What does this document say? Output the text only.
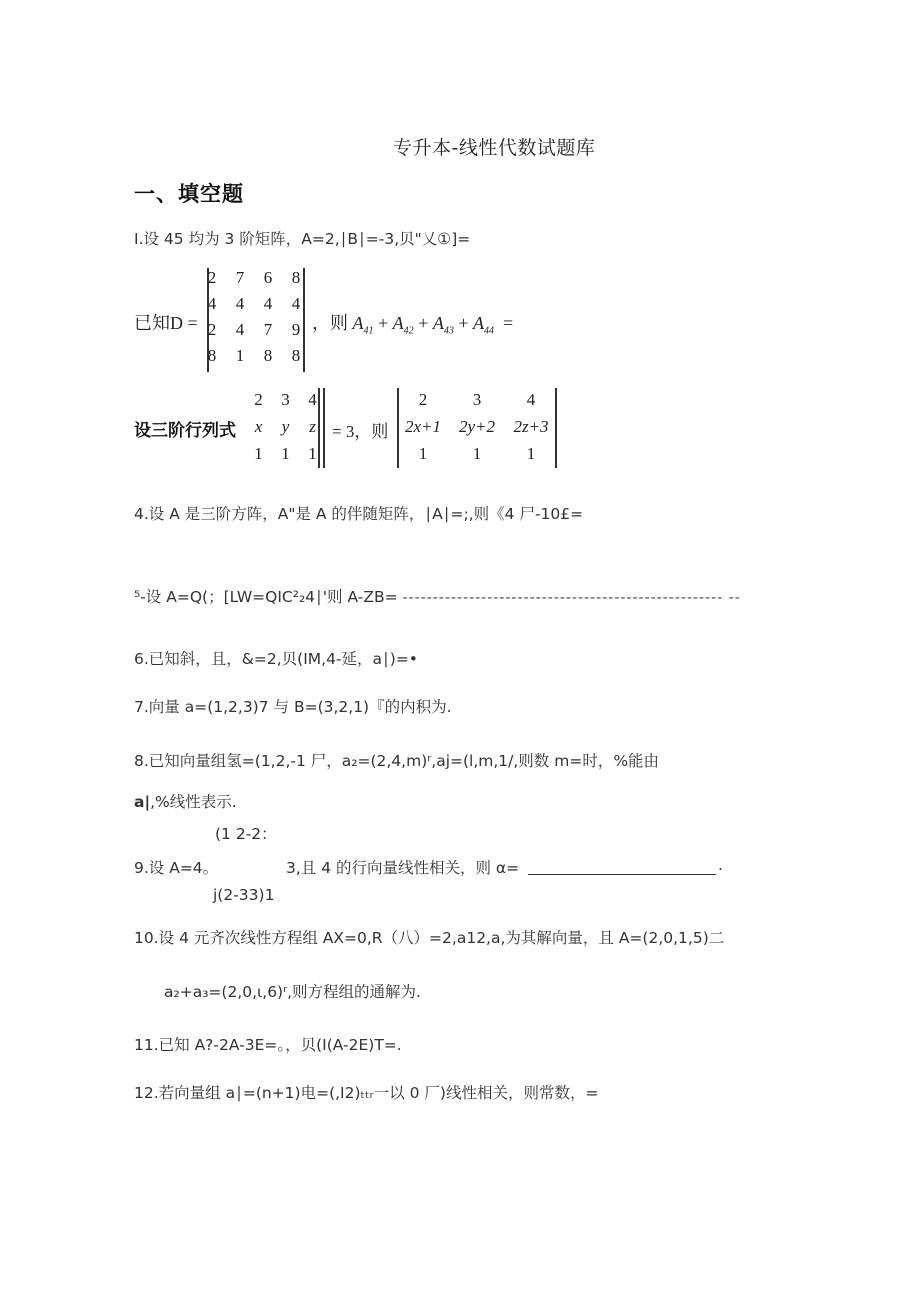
专升本-线性代数试题库
一、填空题
I.设 45 均为 3 阶矩阵，A=2,∣B∣=-3,贝"乂①]=
已知D =
2	7	6	8
4	4	4	4
2	4	7	9
8	1	8	8
，则 $A_{41} + A_{42} + A_{43} + A_{44}$ =
设三阶行列式
2	3	4
x	y	z
1	1	1
= 3，则
2	3	4
2x+1	2y+2	2z+3
1	1	1
4.设 A 是三阶方阵，A"是 A 的伴随矩阵，∣A∣=;,则《4 尸-10£=
⁵-设 A=Q(；[LW=QIC²₂4∣'则 A-ZB= ----------------------------------------------------- --
6.已知斜，且，&=2,贝(IM,4-延，a∣)=•
7.向量 a=(1,2,3)7 与 B=(3,2,1)『的内积为.
8.已知向量组氢=(1,2,-1 尸，a₂=(2,4,m)ʳ,aj=(l,m,1/,则数 m=时，%能由
a|,%线性表示.
(1 2-2：
9.设 A=4。	3,且 4 的行向量线性相关，则 α=	.
j(2-33)1
10.设 4 元齐次线性方程组 AX=0,R（八）=2,a12,a,为其解向量，且 A=(2,0,1,5)二
a₂+a₃=(2,0,ι,6)ʳ,则方程组的通解为.
11.已知 A?-2A-3E=。，贝(I(A-2E)T=.
12.若向量组 a∣=(n+1)电=(,I2)ₜₜᵣ一以 0 厂)线性相关，则常数，=
